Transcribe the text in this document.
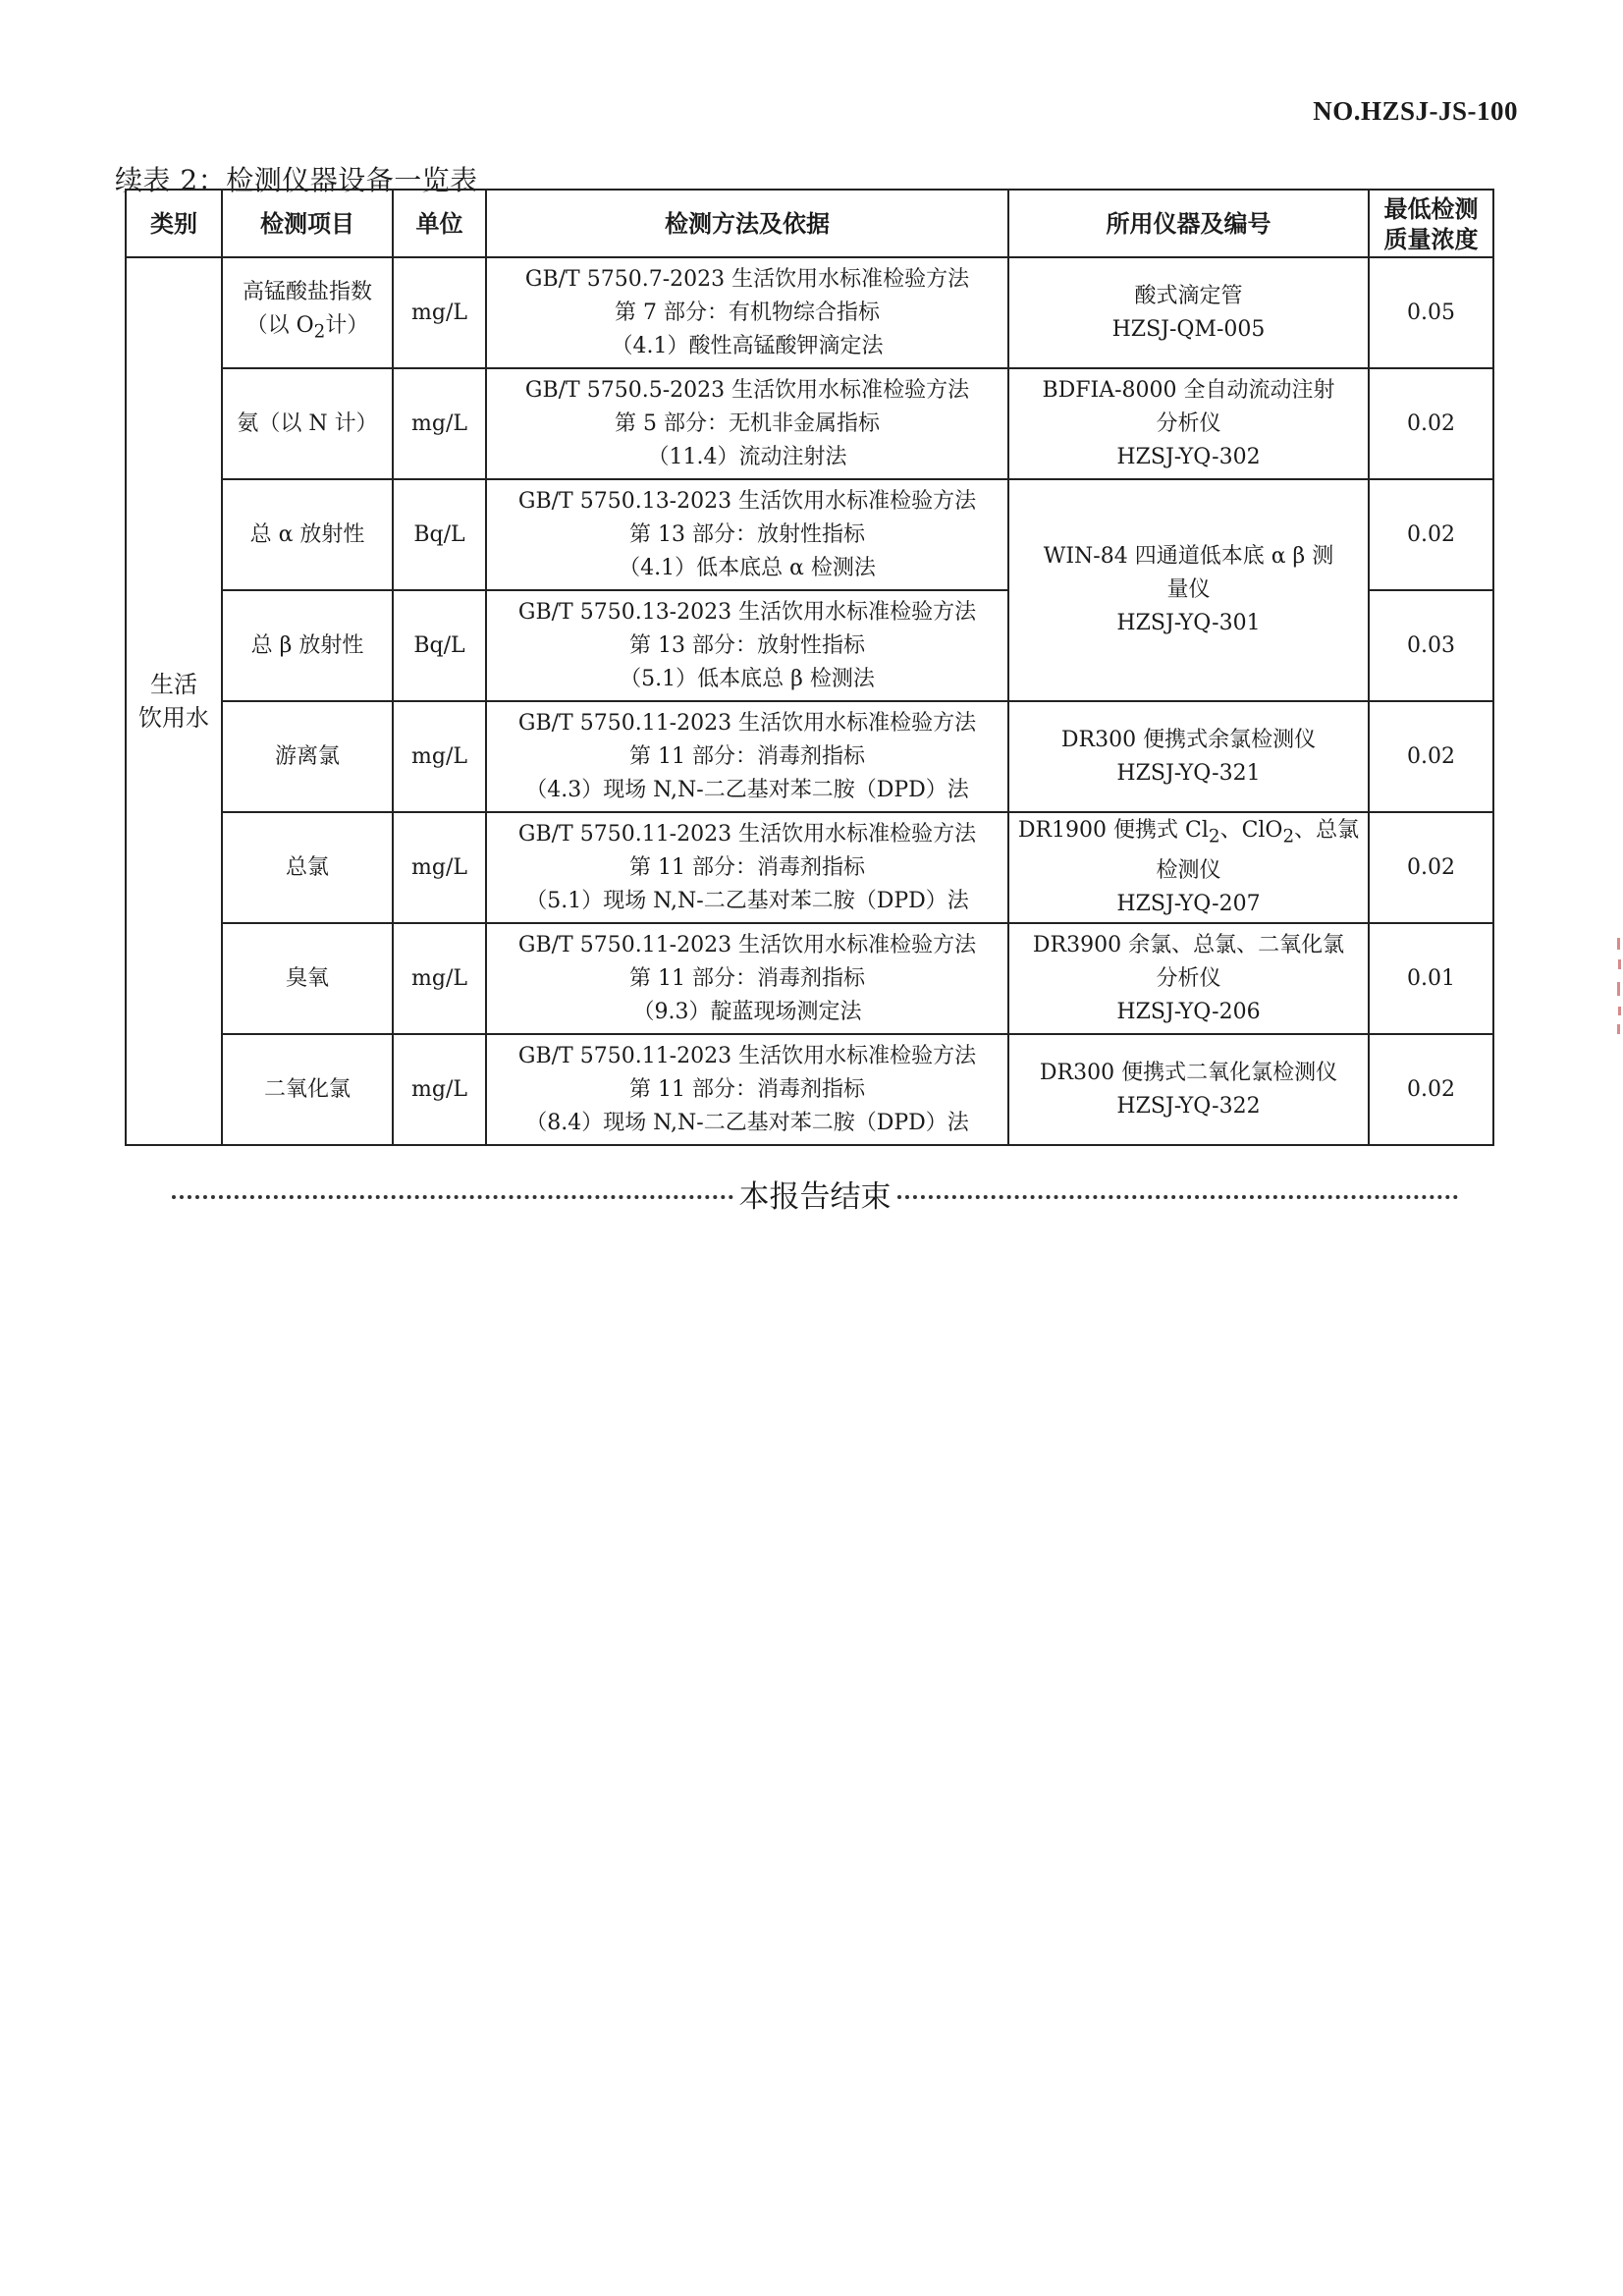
NO.HZSJ-JS-100
续表 2：检测仪器设备一览表
类别	检测项目	单位	检测方法及依据	所用仪器及编号	最低检测
质量浓度

生活
饮用水	高锰酸盐指数
（以 $O_2$计）	mg/L	GB/T 5750.7-2023 生活饮用水标准检验方法
第 7 部分：有机物综合指标
（4.1）酸性高锰酸钾滴定法	酸式滴定管
HZSJ-QM-005	0.05
	氨（以 N 计）	mg/L	GB/T 5750.5-2023 生活饮用水标准检验方法
第 5 部分：无机非金属指标
（11.4）流动注射法	BDFIA-8000 全自动流动注射
分析仪
HZSJ-YQ-302	0.02
	总 α 放射性	Bq/L	GB/T 5750.13-2023 生活饮用水标准检验方法
第 13 部分：放射性指标
（4.1）低本底总 α 检测法	WIN-84 四通道低本底 α β 测
量仪
HZSJ-YQ-301	0.02
	总 β 放射性	Bq/L	GB/T 5750.13-2023 生活饮用水标准检验方法
第 13 部分：放射性指标
（5.1）低本底总 β 检测法		0.03
	游离氯	mg/L	GB/T 5750.11-2023 生活饮用水标准检验方法
第 11 部分：消毒剂指标
（4.3）现场 N,N-二乙基对苯二胺（DPD）法	DR300 便携式余氯检测仪
HZSJ-YQ-321	0.02
	总氯	mg/L	GB/T 5750.11-2023 生活饮用水标准检验方法
第 11 部分：消毒剂指标
（5.1）现场 N,N-二乙基对苯二胺（DPD）法	DR1900 便携式 $Cl_2$、ClO$_2$、总氯
检测仪
HZSJ-YQ-207	0.02
	臭氧	mg/L	GB/T 5750.11-2023 生活饮用水标准检验方法
第 11 部分：消毒剂指标
（9.3）靛蓝现场测定法	DR3900 余氯、总氯、二氧化氯
分析仪
HZSJ-YQ-206	0.01
	二氧化氯	mg/L	GB/T 5750.11-2023 生活饮用水标准检验方法
第 11 部分：消毒剂指标
（8.4）现场 N,N-二乙基对苯二胺（DPD）法	DR300 便携式二氧化氯检测仪
HZSJ-YQ-322	0.02
本报告结束
